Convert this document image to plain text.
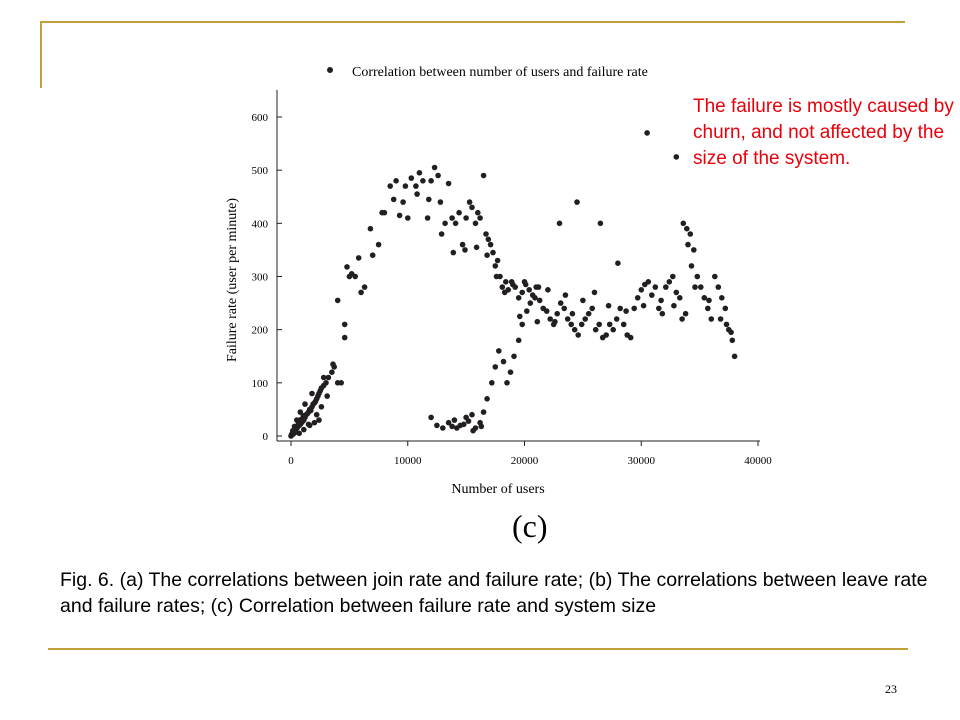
Correlation between number of users and failure rate
0
100
200
300
400
500
600
0	10000	20000	30000	40000
Number of users
Failure rate (user per minute)
The failure is mostly caused by churn, and not affected by the size of the system.
(c)
Fig. 6. (a) The correlations between join rate and failure rate; (b) The correlations between leave rate and failure rates; (c) Correlation between failure rate and system size
23
